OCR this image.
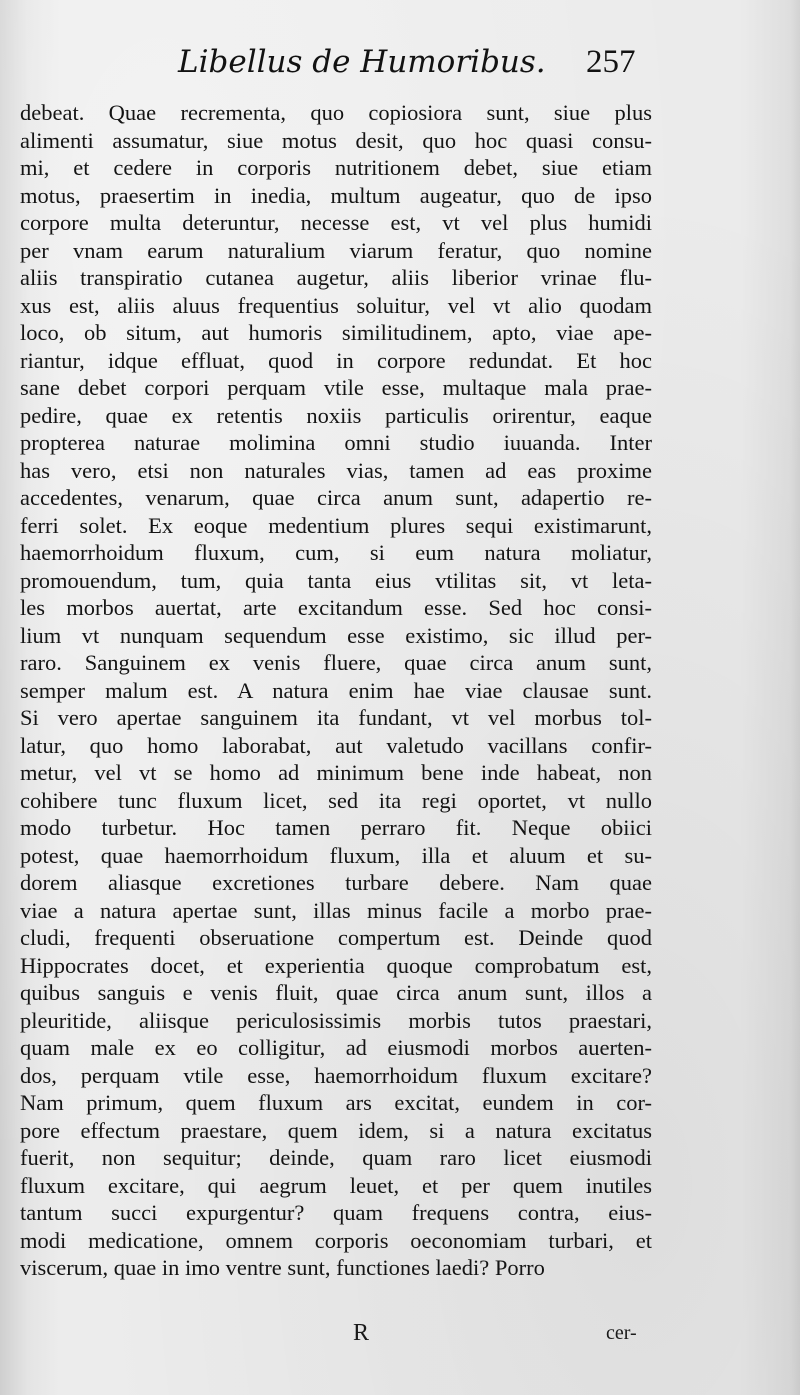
Libellus de Humoribus. 257
debeat. Quae recrementa, quo copiosiora sunt, siue plus
alimenti assumatur, siue motus desit, quo hoc quasi consu-
mi, et cedere in corporis nutritionem debet, siue etiam
motus, praesertim in inedia, multum augeatur, quo de ipso
corpore multa deteruntur, necesse est, vt vel plus humidi
per vnam earum naturalium viarum feratur, quo nomine
aliis transpiratio cutanea augetur, aliis liberior vrinae flu-
xus est, aliis aluus frequentius soluitur, vel vt alio quodam
loco, ob situm, aut humoris similitudinem, apto, viae ape-
riantur, idque effluat, quod in corpore redundat. Et hoc
sane debet corpori perquam vtile esse, multaque mala prae-
pedire, quae ex retentis noxiis particulis orirentur, eaque
propterea naturae molimina omni studio iuuanda. Inter
has vero, etsi non naturales vias, tamen ad eas proxime
accedentes, venarum, quae circa anum sunt, adapertio re-
ferri solet. Ex eoque medentium plures sequi existimarunt,
haemorrhoidum fluxum, cum, si eum natura moliatur,
promouendum, tum, quia tanta eius vtilitas sit, vt leta-
les morbos auertat, arte excitandum esse. Sed hoc consi-
lium vt nunquam sequendum esse existimo, sic illud per-
raro. Sanguinem ex venis fluere, quae circa anum sunt,
semper malum est. A natura enim hae viae clausae sunt.
Si vero apertae sanguinem ita fundant, vt vel morbus tol-
latur, quo homo laborabat, aut valetudo vacillans confir-
metur, vel vt se homo ad minimum bene inde habeat, non
cohibere tunc fluxum licet, sed ita regi oportet, vt nullo
modo turbetur. Hoc tamen perraro fit. Neque obiici
potest, quae haemorrhoidum fluxum, illa et aluum et su-
dorem aliasque excretiones turbare debere. Nam quae
viae a natura apertae sunt, illas minus facile a morbo prae-
cludi, frequenti obseruatione compertum est. Deinde quod
Hippocrates docet, et experientia quoque comprobatum est,
quibus sanguis e venis fluit, quae circa anum sunt, illos a
pleuritide, aliisque periculosissimis morbis tutos praestari,
quam male ex eo colligitur, ad eiusmodi morbos auerten-
dos, perquam vtile esse, haemorrhoidum fluxum excitare?
Nam primum, quem fluxum ars excitat, eundem in cor-
pore effectum praestare, quem idem, si a natura excitatus
fuerit, non sequitur; deinde, quam raro licet eiusmodi
fluxum excitare, qui aegrum leuet, et per quem inutiles
tantum succi expurgentur? quam frequens contra, eius-
modi medicatione, omnem corporis oeconomiam turbari, et
viscerum, quae in imo ventre sunt, functiones laedi? Porro
R	cer-
